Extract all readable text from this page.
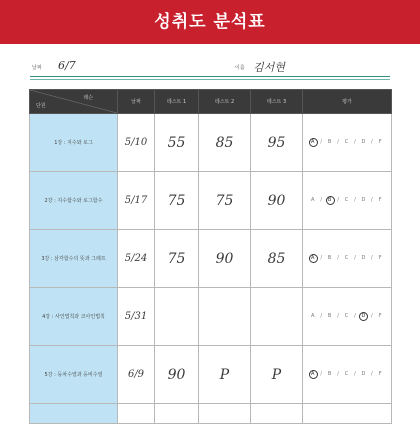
성취도 분석표
날짜 6/7	이름 김서현
레슨
단원	날짜	테스트 1	테스트 2	테스트 3	평가
1강 : 지수와 로그	5/10	55	85	95	A / B / C / D / F
2강 : 지수함수와 로그함수	5/17	75	75	90	A / B / C / D / F
3강 : 삼각함수의 뜻과 그래프	5/24	75	90	85	A / B / C / D / F
4강 : 사인법칙과 코사인법칙	5/31				A / B / C / D / F
5강 : 등차수열과 등비수열	6/9	90	P	P	A / B / C / D / F
